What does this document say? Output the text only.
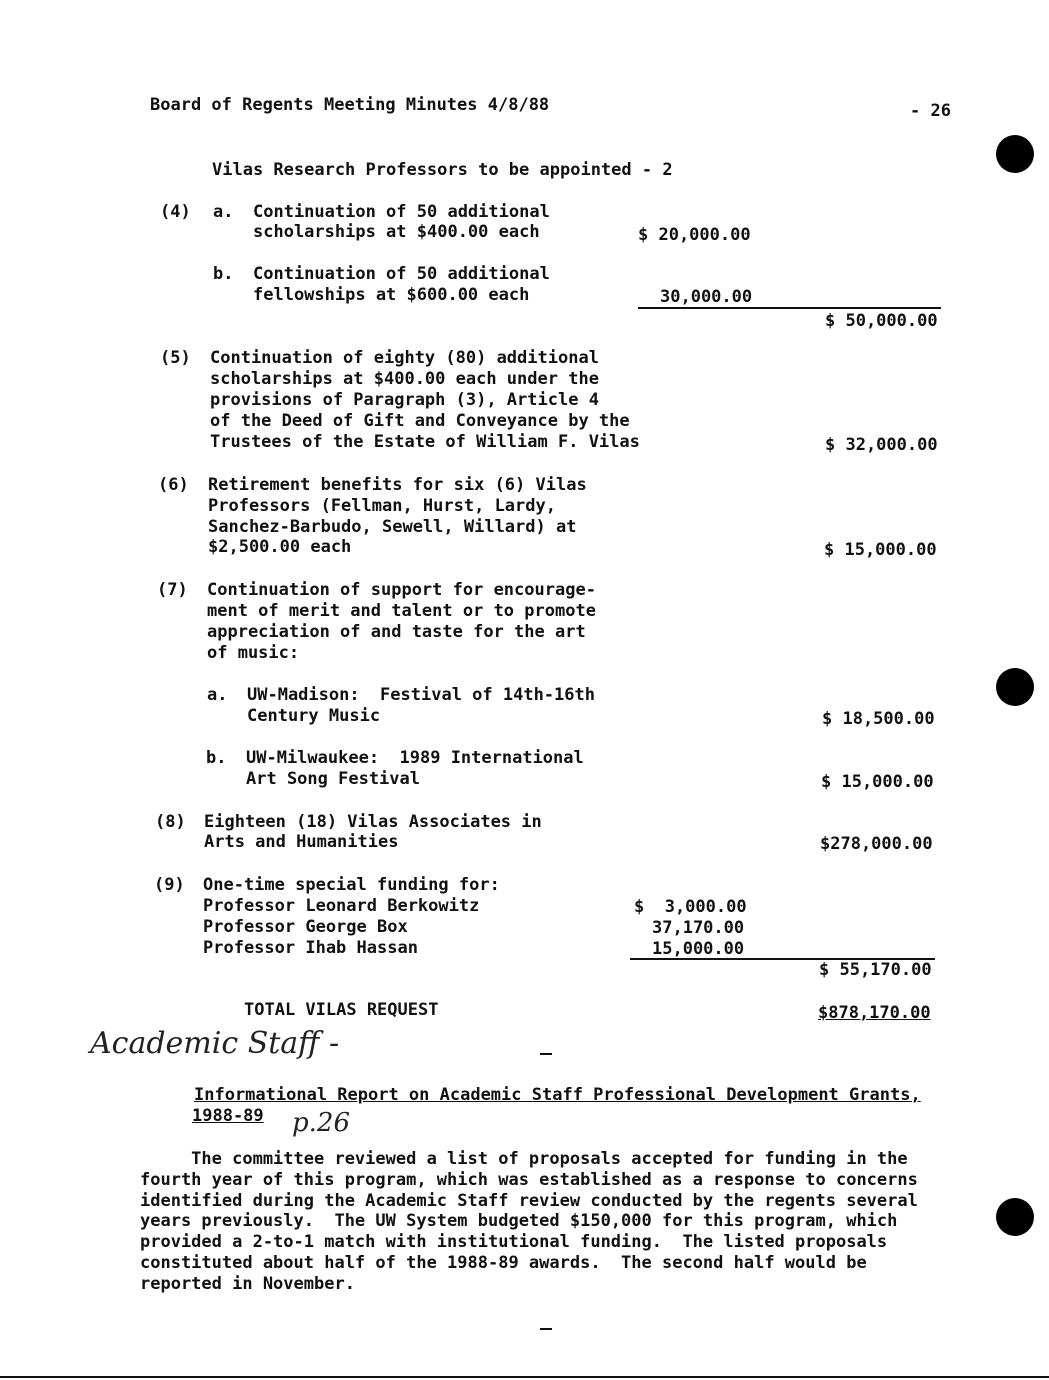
Board of Regents Meeting Minutes 4/8/88	- 26
Vilas Research Professors to be appointed - 2
(4) a. Continuation of 50 additional
scholarships at $400.00 each	$ 20,000.00
b. Continuation of 50 additional
fellowships at $600.00 each	30,000.00
$ 50,000.00
(5) Continuation of eighty (80) additional
scholarships at $400.00 each under the
provisions of Paragraph (3), Article 4
of the Deed of Gift and Conveyance by the
Trustees of the Estate of William F. Vilas	$ 32,000.00
(6) Retirement benefits for six (6) Vilas
Professors (Fellman, Hurst, Lardy,
Sanchez-Barbudo, Sewell, Willard) at
$2,500.00 each	$ 15,000.00
(7) Continuation of support for encourage-
ment of merit and talent or to promote
appreciation of and taste for the art
of music:
a. UW-Madison:  Festival of 14th-16th
Century Music	$ 18,500.00
b. UW-Milwaukee:  1989 International
Art Song Festival	$ 15,000.00
(8) Eighteen (18) Vilas Associates in
Arts and Humanities	$278,000.00
(9) One-time special funding for:
Professor Leonard Berkowitz	$  3,000.00
Professor George Box	37,170.00
Professor Ihab Hassan	15,000.00
$ 55,170.00
TOTAL VILAS REQUEST	$878,170.00
Academic Staff -
Informational Report on Academic Staff Professional Development Grants,
1988-89 p.26
The committee reviewed a list of proposals accepted for funding in the
fourth year of this program, which was established as a response to concerns
identified during the Academic Staff review conducted by the regents several
years previously.  The UW System budgeted $150,000 for this program, which
provided a 2-to-1 match with institutional funding.  The listed proposals
constituted about half of the 1988-89 awards.  The second half would be
reported in November.
